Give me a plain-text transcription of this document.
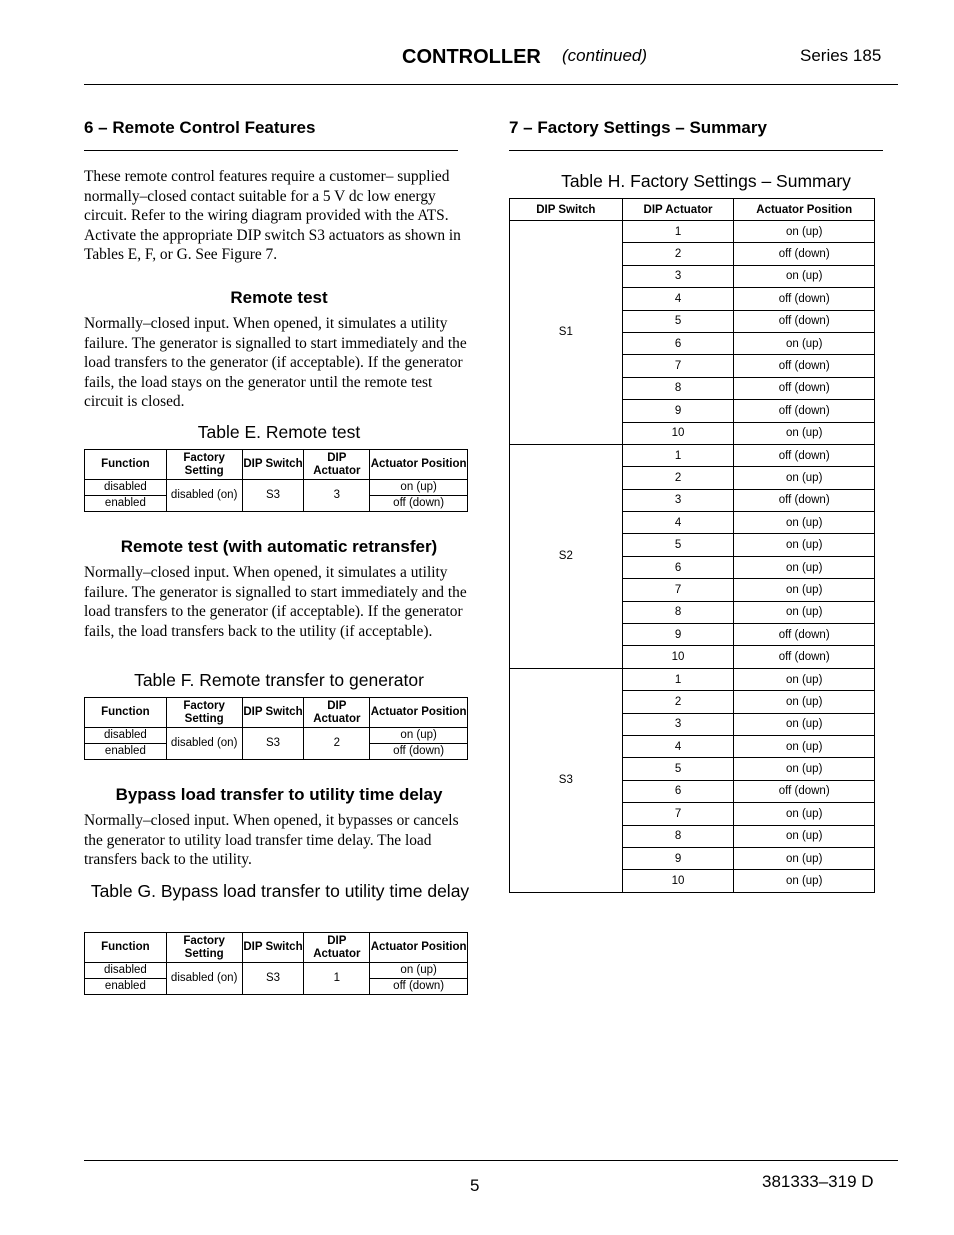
CONTROLLER (continued)	Series 185
6 – Remote Control Features
These remote control features require a customer– supplied normally–closed contact suitable for a 5 V dc low energy circuit. Refer to the wiring diagram provided with the ATS. Activate the appropriate DIP switch S3 actuators as shown in Tables E, F, or G. See Figure 7.
Remote test
Normally–closed input. When opened, it simulates a utility failure. The generator is signalled to start immediately and the load transfers to the generator (if acceptable). If the generator fails, the load stays on the generator until the remote test circuit is closed.
Table E. Remote test
Function	Factory Setting	DIP Switch	DIP Actuator	Actuator Position
disabled	disabled (on)	S3	3	on (up)
enabled				off (down)
Remote test (with automatic retransfer)
Normally–closed input. When opened, it simulates a utility failure. The generator is signalled to start immediately and the load transfers to the generator (if acceptable). If the generator fails, the load transfers back to the utility (if acceptable).
Table F. Remote transfer to generator
Function	Factory Setting	DIP Switch	DIP Actuator	Actuator Position
disabled	disabled (on)	S3	2	on (up)
enabled				off (down)
Bypass load transfer to utility time delay
Normally–closed input. When opened, it bypasses or cancels the generator to utility load transfer time delay. The load transfers back to the utility.
Table G. Bypass load transfer to utility time delay
Function	Factory Setting	DIP Switch	DIP Actuator	Actuator Position
disabled	disabled (on)	S3	1	on (up)
enabled				off (down)
7 – Factory Settings – Summary
Table H. Factory Settings – Summary
DIP Switch	DIP Actuator	Actuator Position
S1	1	on (up)
	2	off (down)
	3	on (up)
	4	off (down)
	5	off (down)
	6	on (up)
	7	off (down)
	8	off (down)
	9	off (down)
	10	on (up)
S2	1	off (down)
	2	on (up)
	3	off (down)
	4	on (up)
	5	on (up)
	6	on (up)
	7	on (up)
	8	on (up)
	9	off (down)
	10	off (down)
S3	1	on (up)
	2	on (up)
	3	on (up)
	4	on (up)
	5	on (up)
	6	off (down)
	7	on (up)
	8	on (up)
	9	on (up)
	10	on (up)
5	381333–319 D
